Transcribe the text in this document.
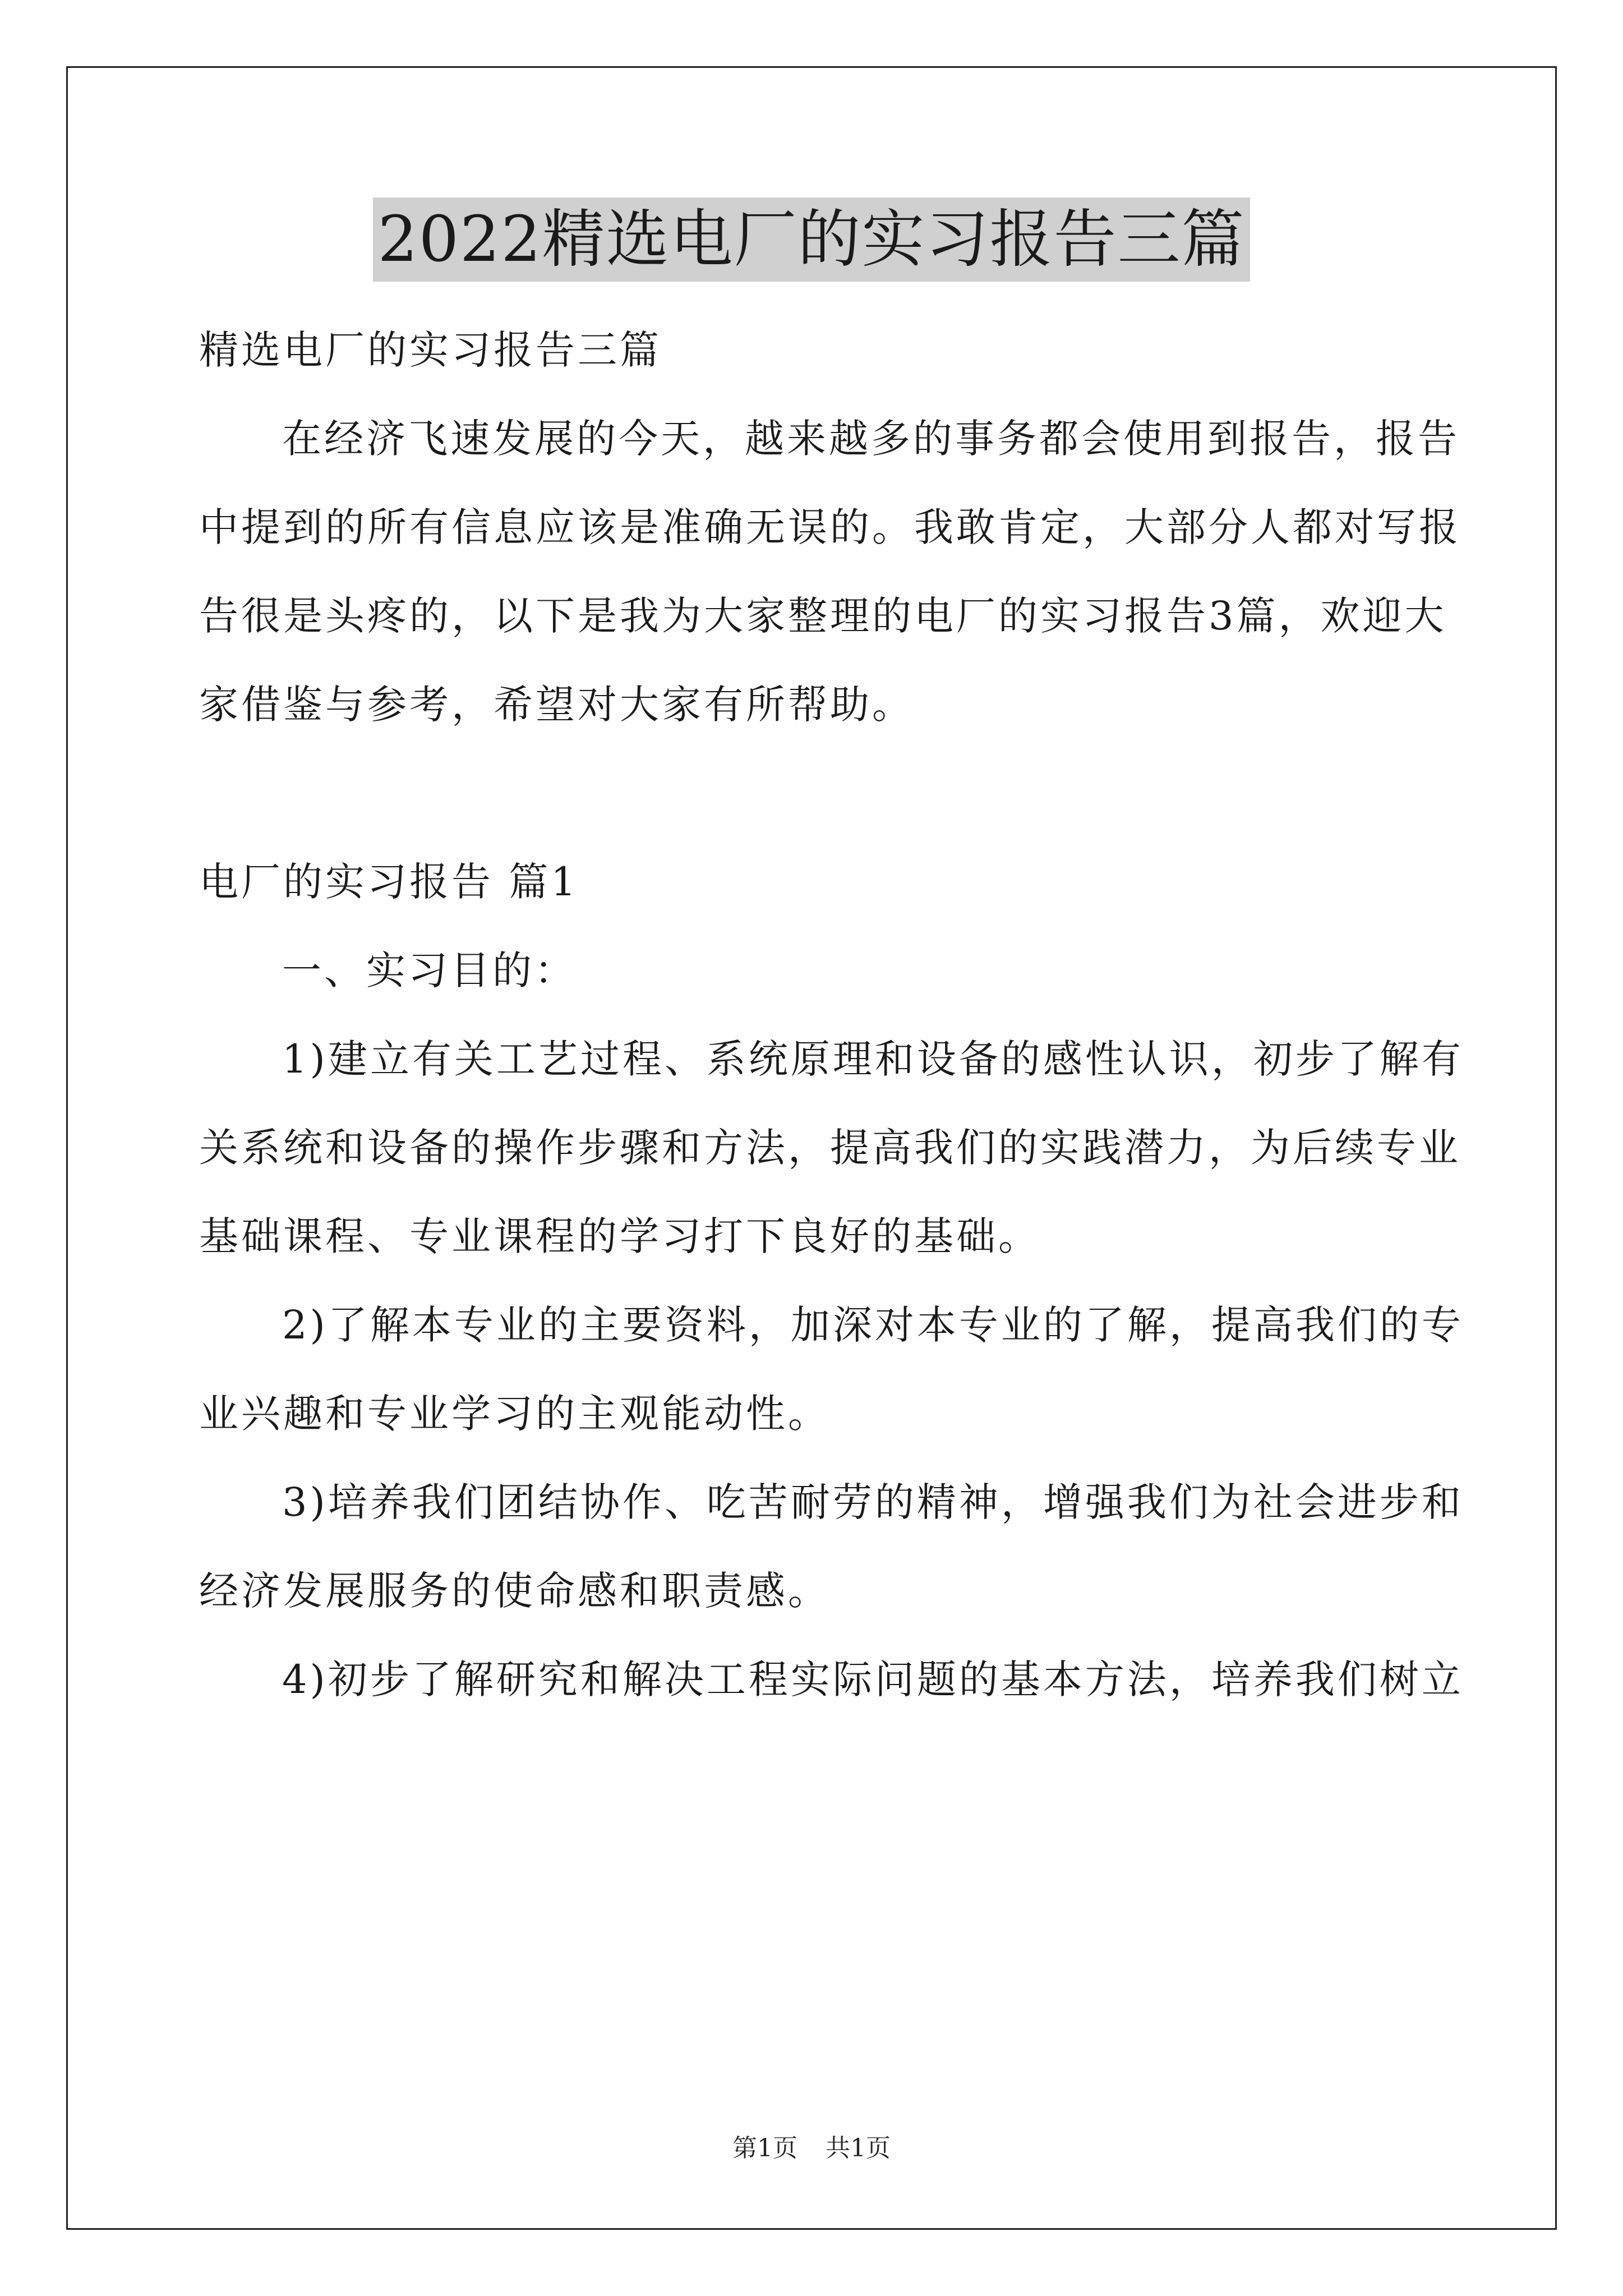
2022精选电厂的实习报告三篇
精选电厂的实习报告三篇
在经济飞速发展的今天，越来越多的事务都会使用到报告，报告
中提到的所有信息应该是准确无误的。我敢肯定，大部分人都对写报
告很是头疼的，以下是我为大家整理的电厂的实习报告3篇，欢迎大
家借鉴与参考，希望对大家有所帮助。
电厂的实习报告 篇1
一、实习目的：
1)建立有关工艺过程、系统原理和设备的感性认识，初步了解有
关系统和设备的操作步骤和方法，提高我们的实践潜力，为后续专业
基础课程、专业课程的学习打下良好的基础。
2)了解本专业的主要资料，加深对本专业的了解，提高我们的专
业兴趣和专业学习的主观能动性。
3)培养我们团结协作、吃苦耐劳的精神，增强我们为社会进步和
经济发展服务的使命感和职责感。
4)初步了解研究和解决工程实际问题的基本方法，培养我们树立
第1页 共1页
